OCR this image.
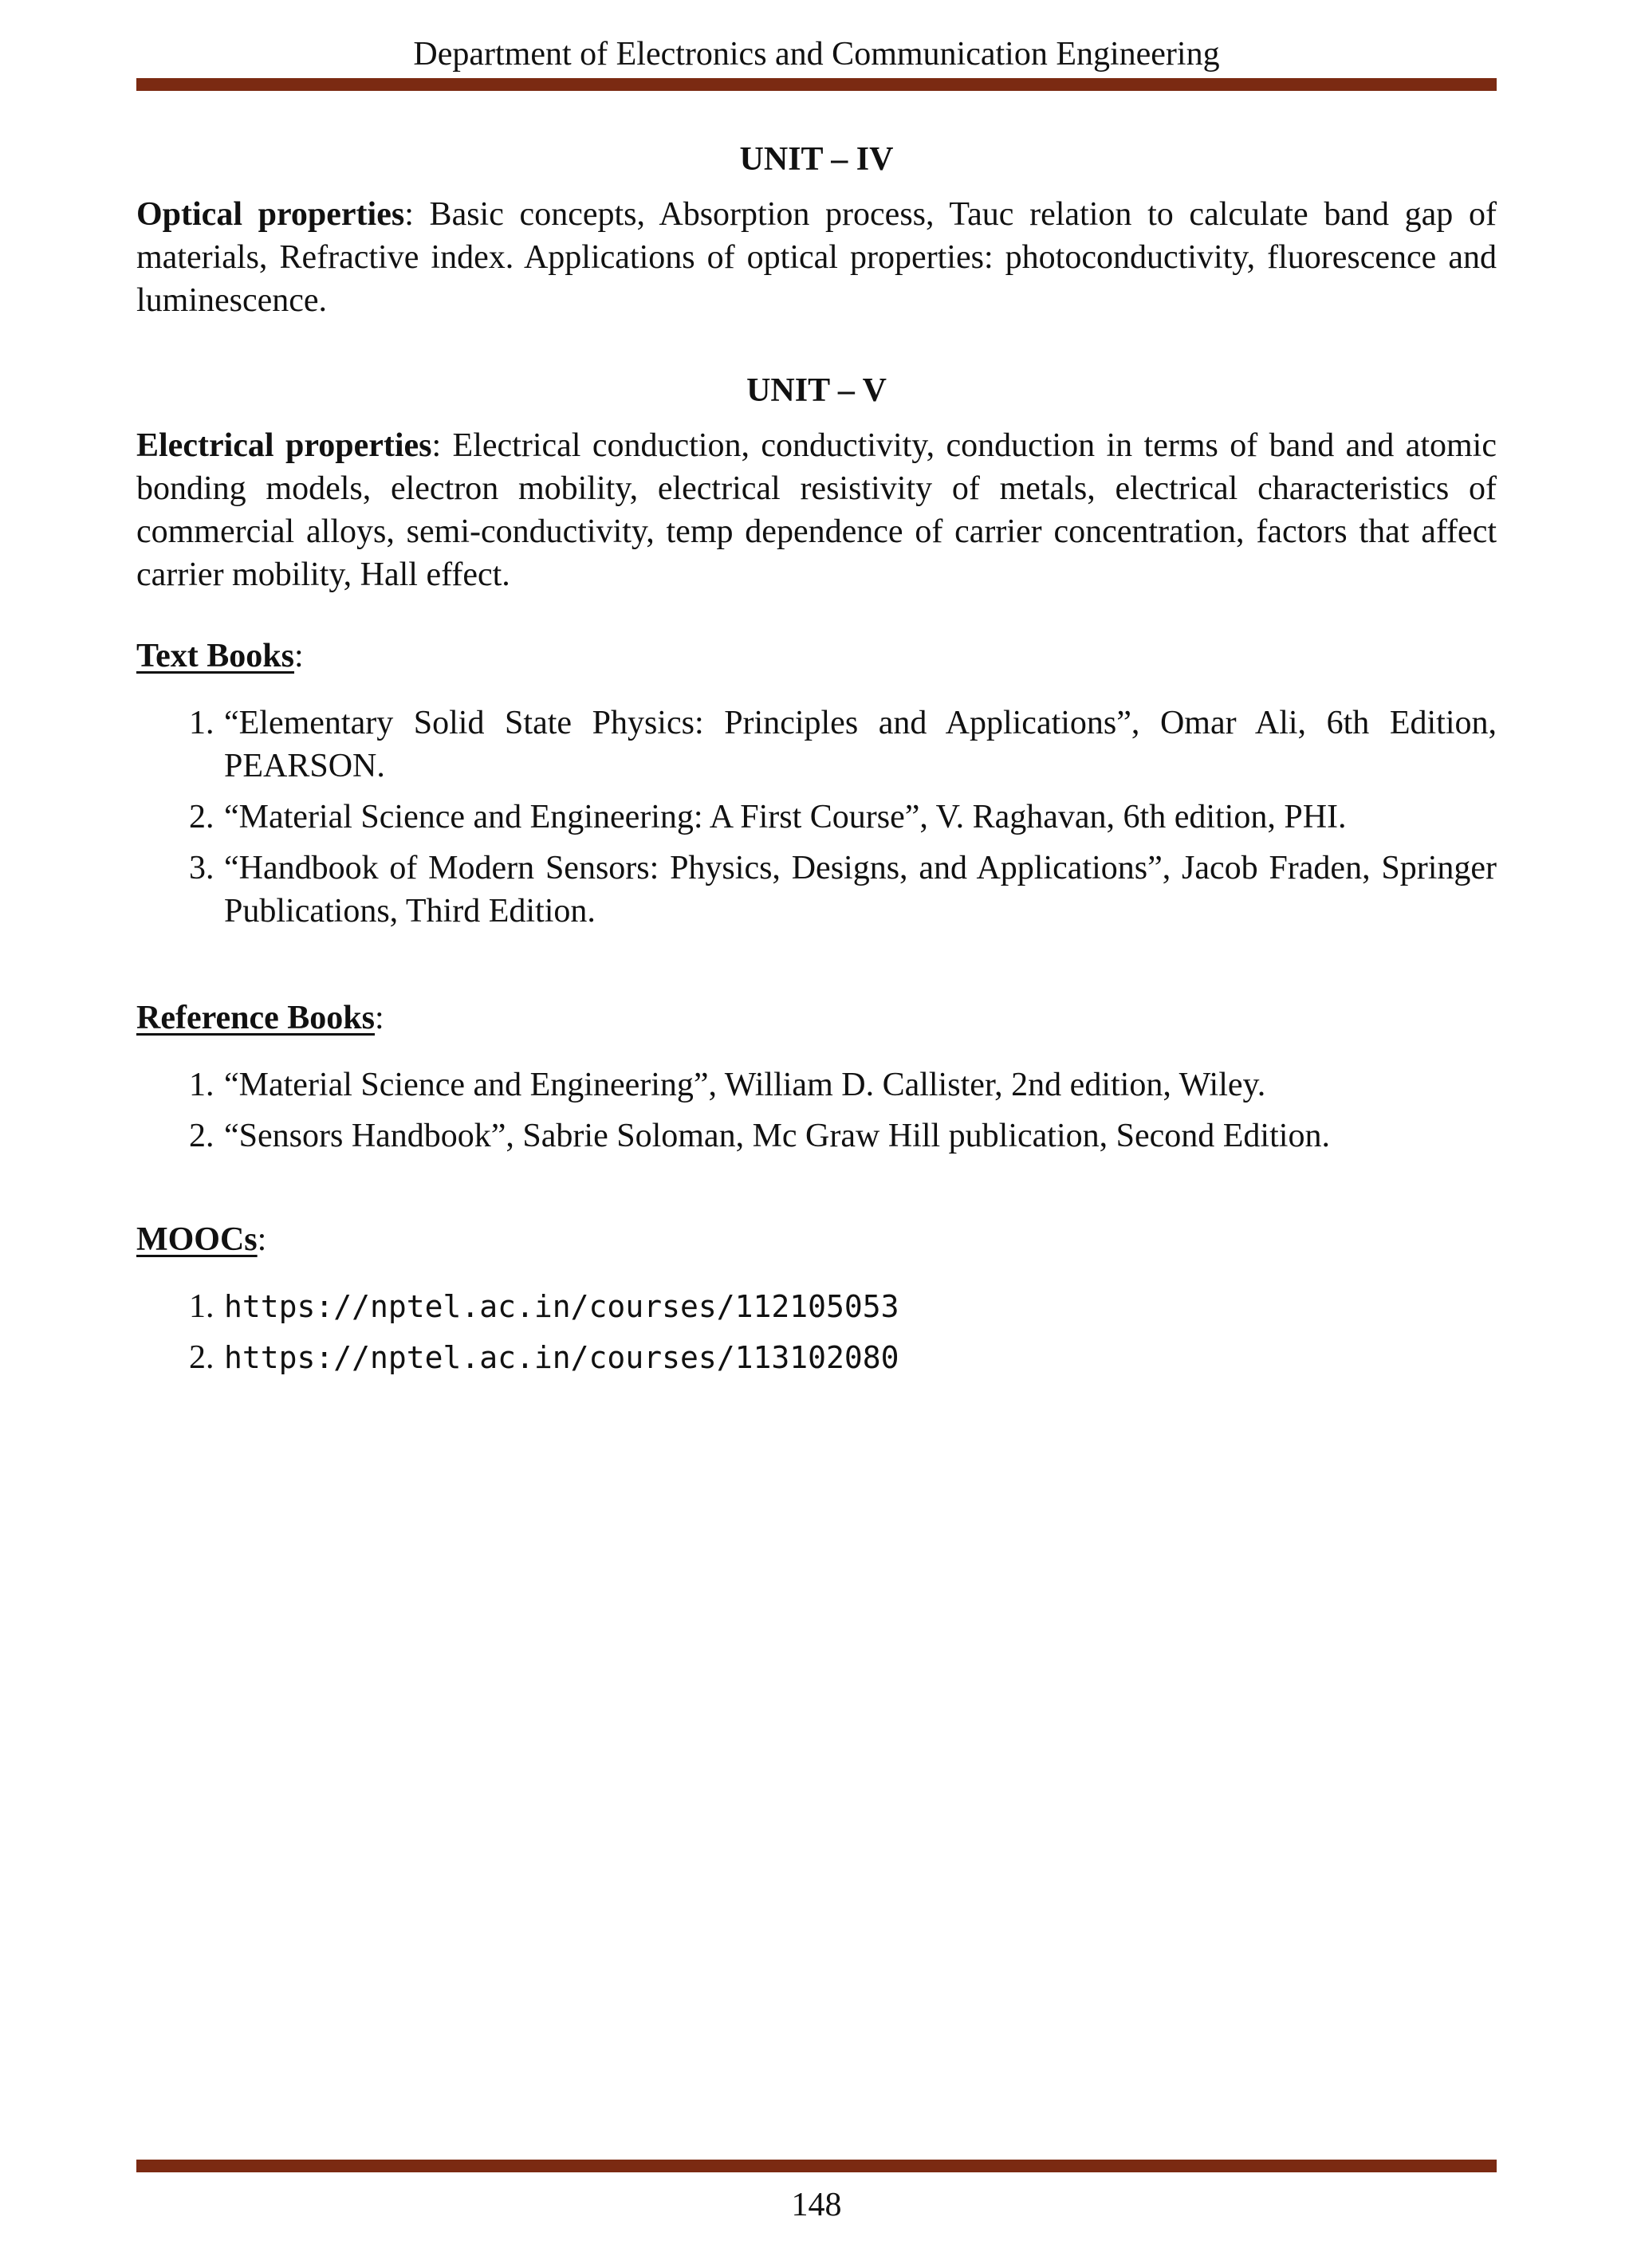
Department of Electronics and Communication Engineering
UNIT – IV

Optical properties: Basic concepts, Absorption process, Tauc relation to calculate band gap of materials, Refractive index. Applications of optical properties: photoconductivity, fluorescence and luminescence.

UNIT – V

Electrical properties: Electrical conduction, conductivity, conduction in terms of band and atomic bonding models, electron mobility, electrical resistivity of metals, electrical characteristics of commercial alloys, semi-conductivity, temp dependence of carrier concentration, factors that affect carrier mobility, Hall effect.

Text Books:
1. “Elementary Solid State Physics: Principles and Applications”, Omar Ali, 6th Edition, PEARSON.
2. “Material Science and Engineering: A First Course”, V. Raghavan, 6th edition, PHI.
3. “Handbook of Modern Sensors: Physics, Designs, and Applications”, Jacob Fraden, Springer Publications, Third Edition.
Reference Books:
1. “Material Science and Engineering”, William D. Callister, 2nd edition, Wiley.
2. “Sensors Handbook”, Sabrie Soloman, Mc Graw Hill publication, Second Edition.
MOOCs:
1. https://nptel.ac.in/courses/112105053
2. https://nptel.ac.in/courses/113102080
148
